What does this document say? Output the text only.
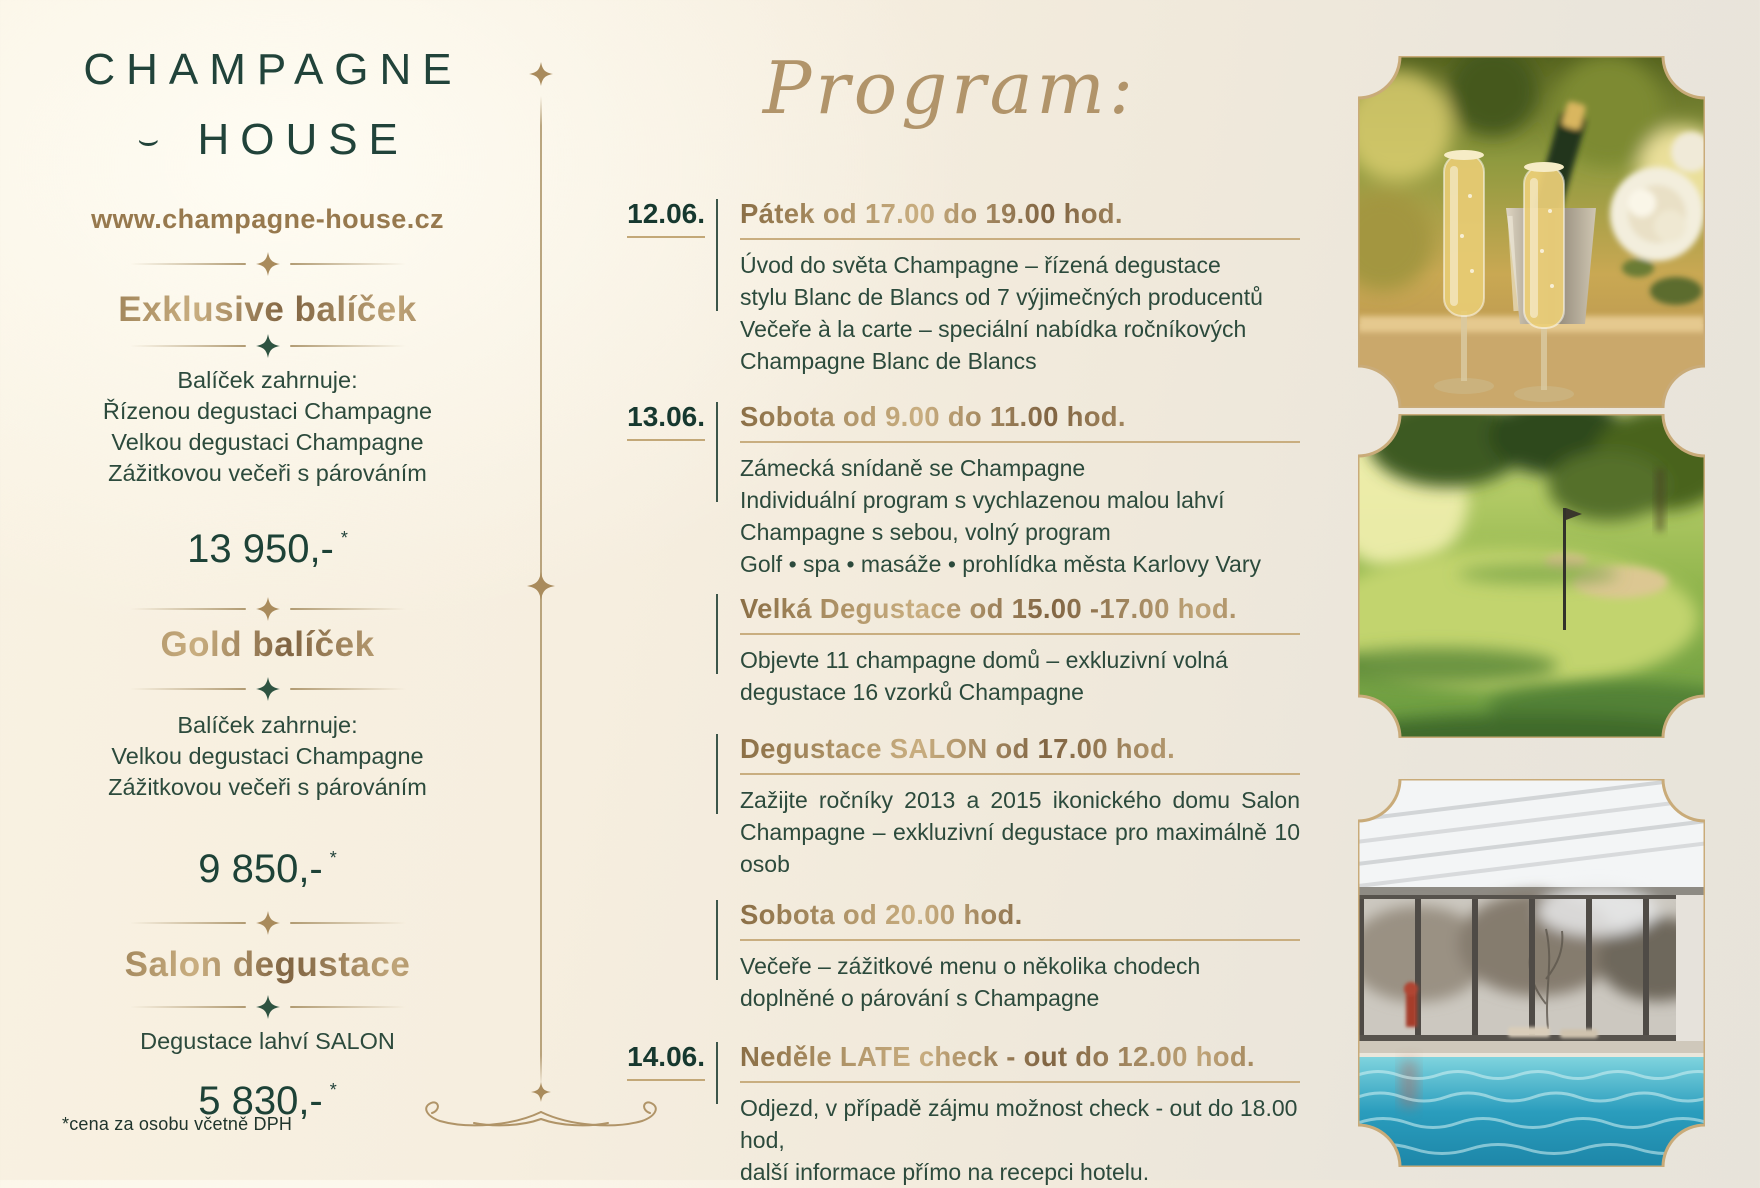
CHAMPAGNE
⌣ HOUSE
www.champagne-house.cz
Exklusive balíček
Balíček zahrnuje:
Řízenou degustaci Champagne
Velkou degustaci Champagne
Zážitkovou večeři s párováním
13 950,- *
Gold balíček
Balíček zahrnuje:
Velkou degustaci Champagne
Zážitkovou večeři s párováním
9 850,- *
Salon degustace
Degustace lahví SALON
5 830,- *
*cena za osobu včetně DPH
Program:
12.06. Pátek od 17.00 do 19.00 hod.
Úvod do světa Champagne – řízená degustace
stylu Blanc de Blancs od 7 výjimečných producentů
Večeře à la carte – speciální nabídka ročníkových
Champagne Blanc de Blancs
13.06. Sobota od 9.00 do 11.00 hod.
Zámecká snídaně se Champagne
Individuální program s vychlazenou malou lahví
Champagne s sebou, volný program
Golf • spa • masáže • prohlídka města Karlovy Vary
Velká Degustace od 15.00 -17.00 hod.
Objevte 11 champagne domů – exkluzivní volná
degustace 16 vzorků Champagne
Degustace SALON od 17.00 hod.
Zažijte ročníky 2013 a 2015 ikonického domu Salon
Champagne – exkluzivní degustace pro maximálně 10 osob
Sobota od 20.00 hod.
Večeře – zážitkové menu o několika chodech
doplněné o párování s Champagne
14.06. Neděle LATE check - out do 12.00 hod.
Odjezd, v případě zájmu možnost check - out do 18.00 hod,
další informace přímo na recepci hotelu.
